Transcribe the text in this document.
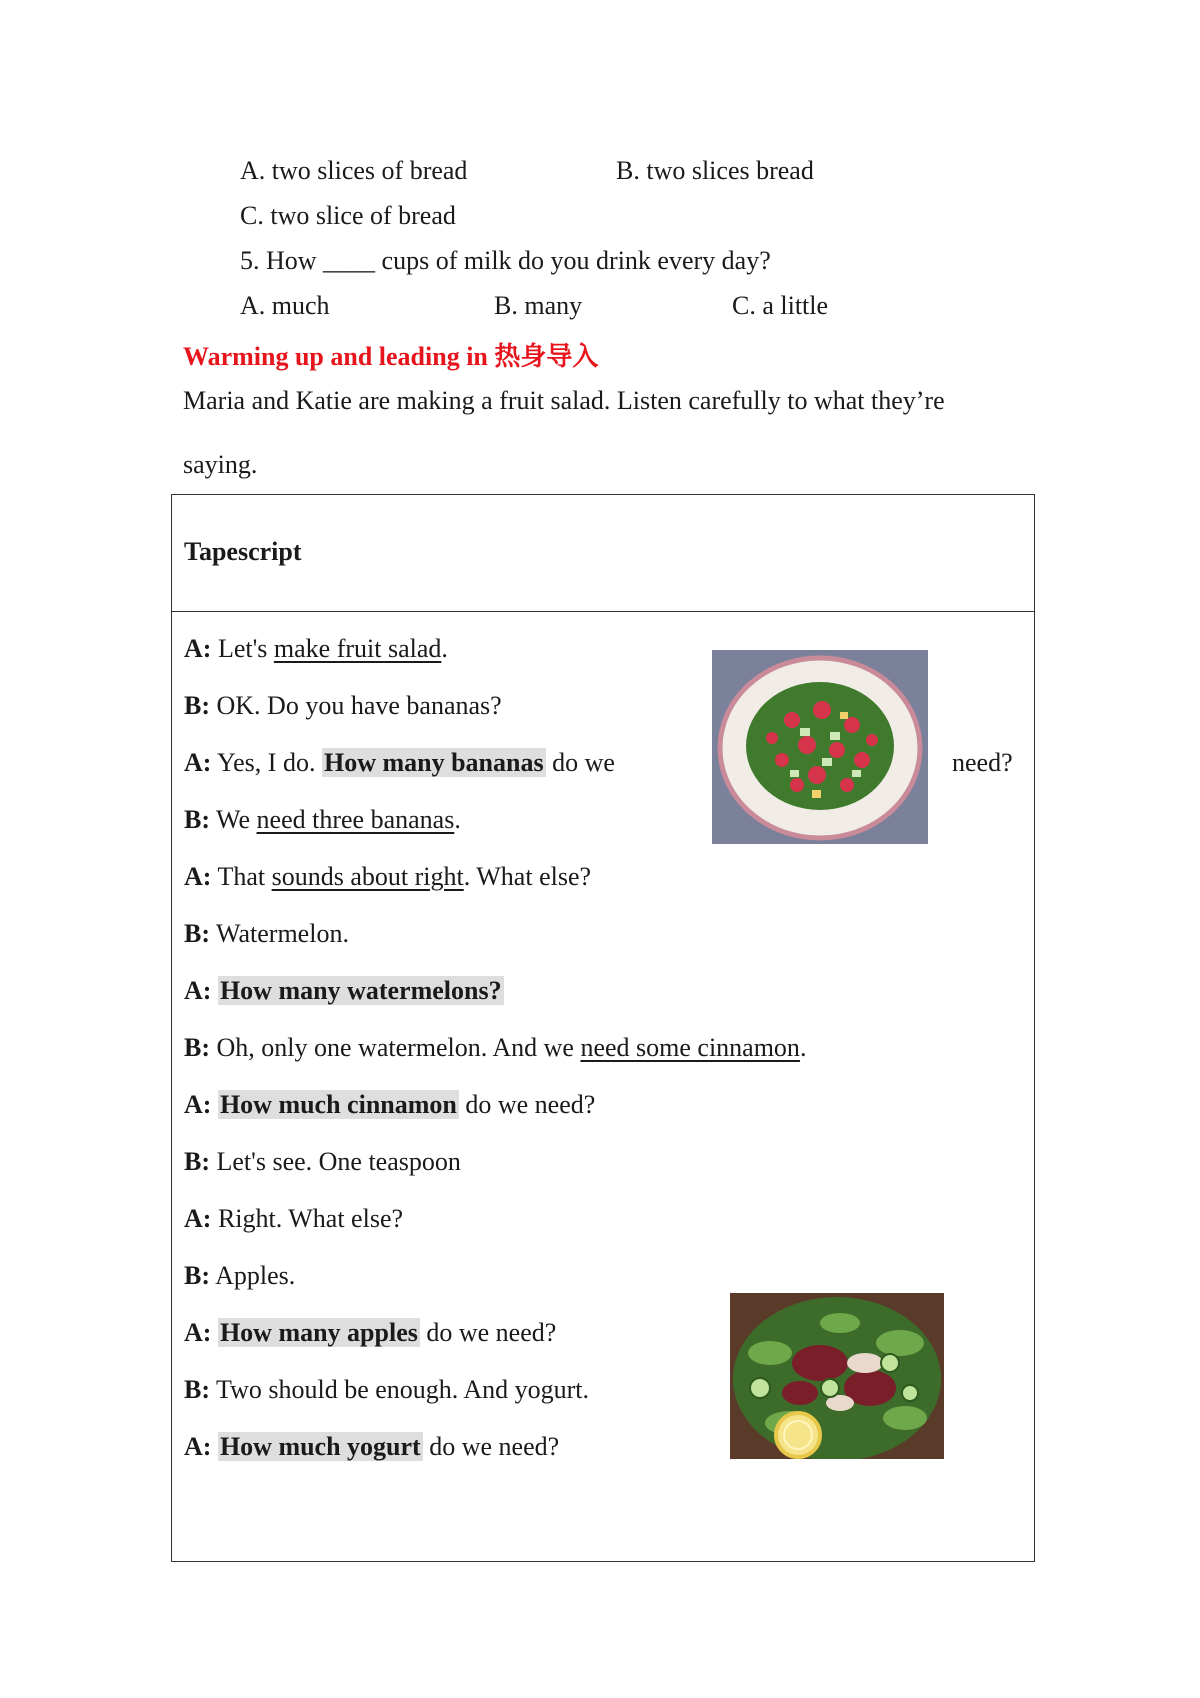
A. two slices of bread	B. two slices bread
C. two slice of bread
5. How ____ cups of milk do you drink every day?
A. much	B. many	C. a little
Warming up and leading in 热身导入
Maria and Katie are making a fruit salad. Listen carefully to what they’re
saying.
Tapescript
A: Let's make fruit salad.
B: OK. Do you have bananas?
A: Yes, I do. How many bananas do we	need?
B: We need three bananas.
A: That sounds about right. What else?
B: Watermelon.
A: How many watermelons?
B: Oh, only one watermelon. And we need some cinnamon.
A: How much cinnamon do we need?
B: Let's see. One teaspoon
A: Right. What else?
B: Apples.
A: How many apples do we need?
B: Two should be enough. And yogurt.
A: How much yogurt do we need?
